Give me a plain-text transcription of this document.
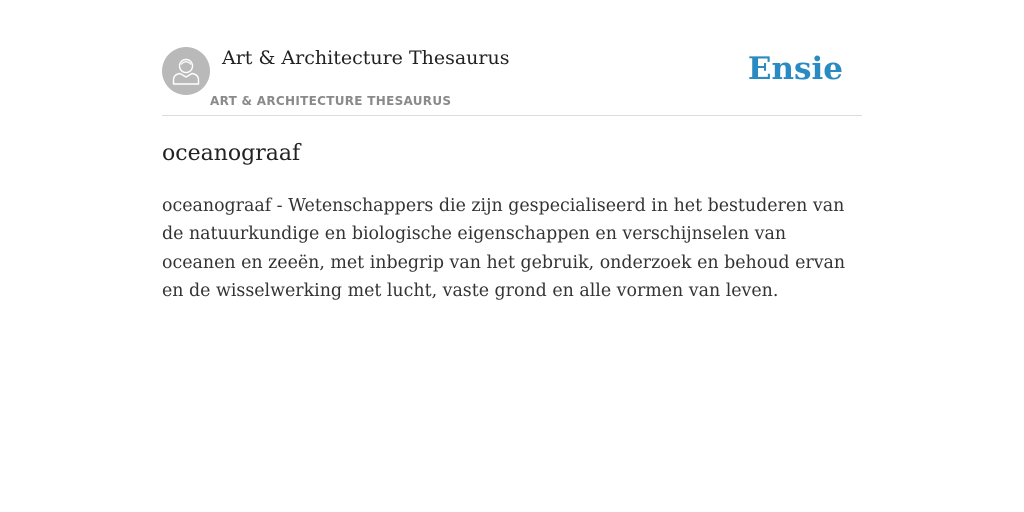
Art & Architecture Thesaurus
ART & ARCHITECTURE THESAURUS
Ensie
oceanograaf

oceanograaf - Wetenschappers die zijn gespecialiseerd in het bestuderen van de natuurkundige en biologische eigenschappen en verschijnselen van oceanen en zeeën, met inbegrip van het gebruik, onderzoek en behoud ervan en de wisselwerking met lucht, vaste grond en alle vormen van leven.
